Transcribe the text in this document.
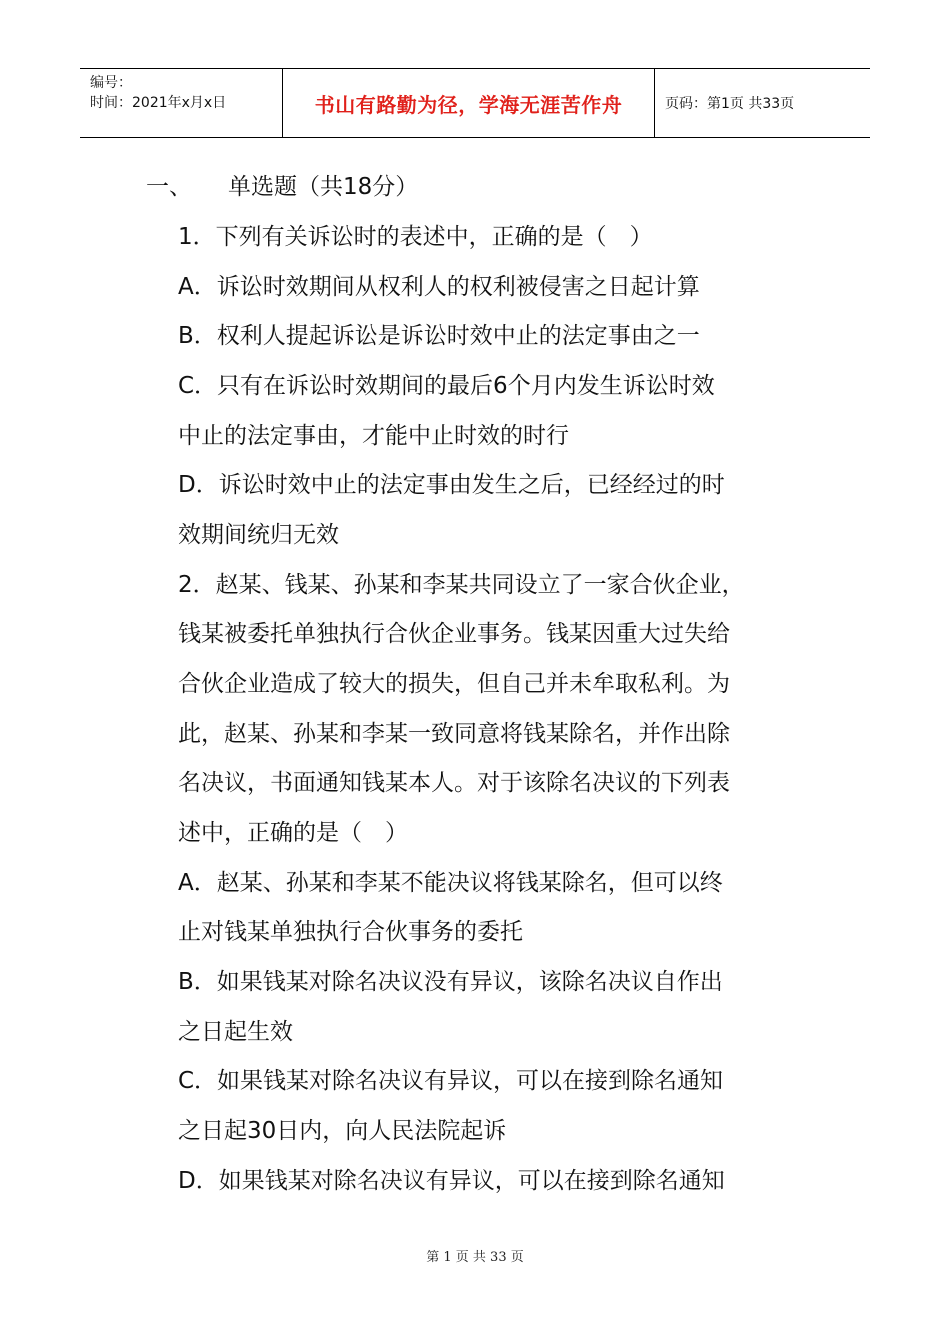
编号：
时间：2021年x月x日	书山有路勤为径，学海无涯苦作舟	页码：第1页 共33页
一、 单选题（共18分）
1．下列有关诉讼时的表述中，正确的是（　）
A．诉讼时效期间从权利人的权利被侵害之日起计算
B．权利人提起诉讼是诉讼时效中止的法定事由之一
C．只有在诉讼时效期间的最后6个月内发生诉讼时效
中止的法定事由，才能中止时效的时行
D．诉讼时效中止的法定事由发生之后，已经经过的时
效期间统归无效
2．赵某、钱某、孙某和李某共同设立了一家合伙企业，
钱某被委托单独执行合伙企业事务。钱某因重大过失给
合伙企业造成了较大的损失，但自己并未牟取私利。为
此，赵某、孙某和李某一致同意将钱某除名，并作出除
名决议，书面通知钱某本人。对于该除名决议的下列表
述中，正确的是（　）
A．赵某、孙某和李某不能决议将钱某除名，但可以终
止对钱某单独执行合伙事务的委托
B．如果钱某对除名决议没有异议，该除名决议自作出
之日起生效
C．如果钱某对除名决议有异议，可以在接到除名通知
之日起30日内，向人民法院起诉
D．如果钱某对除名决议有异议，可以在接到除名通知
第 1 页 共 33 页
